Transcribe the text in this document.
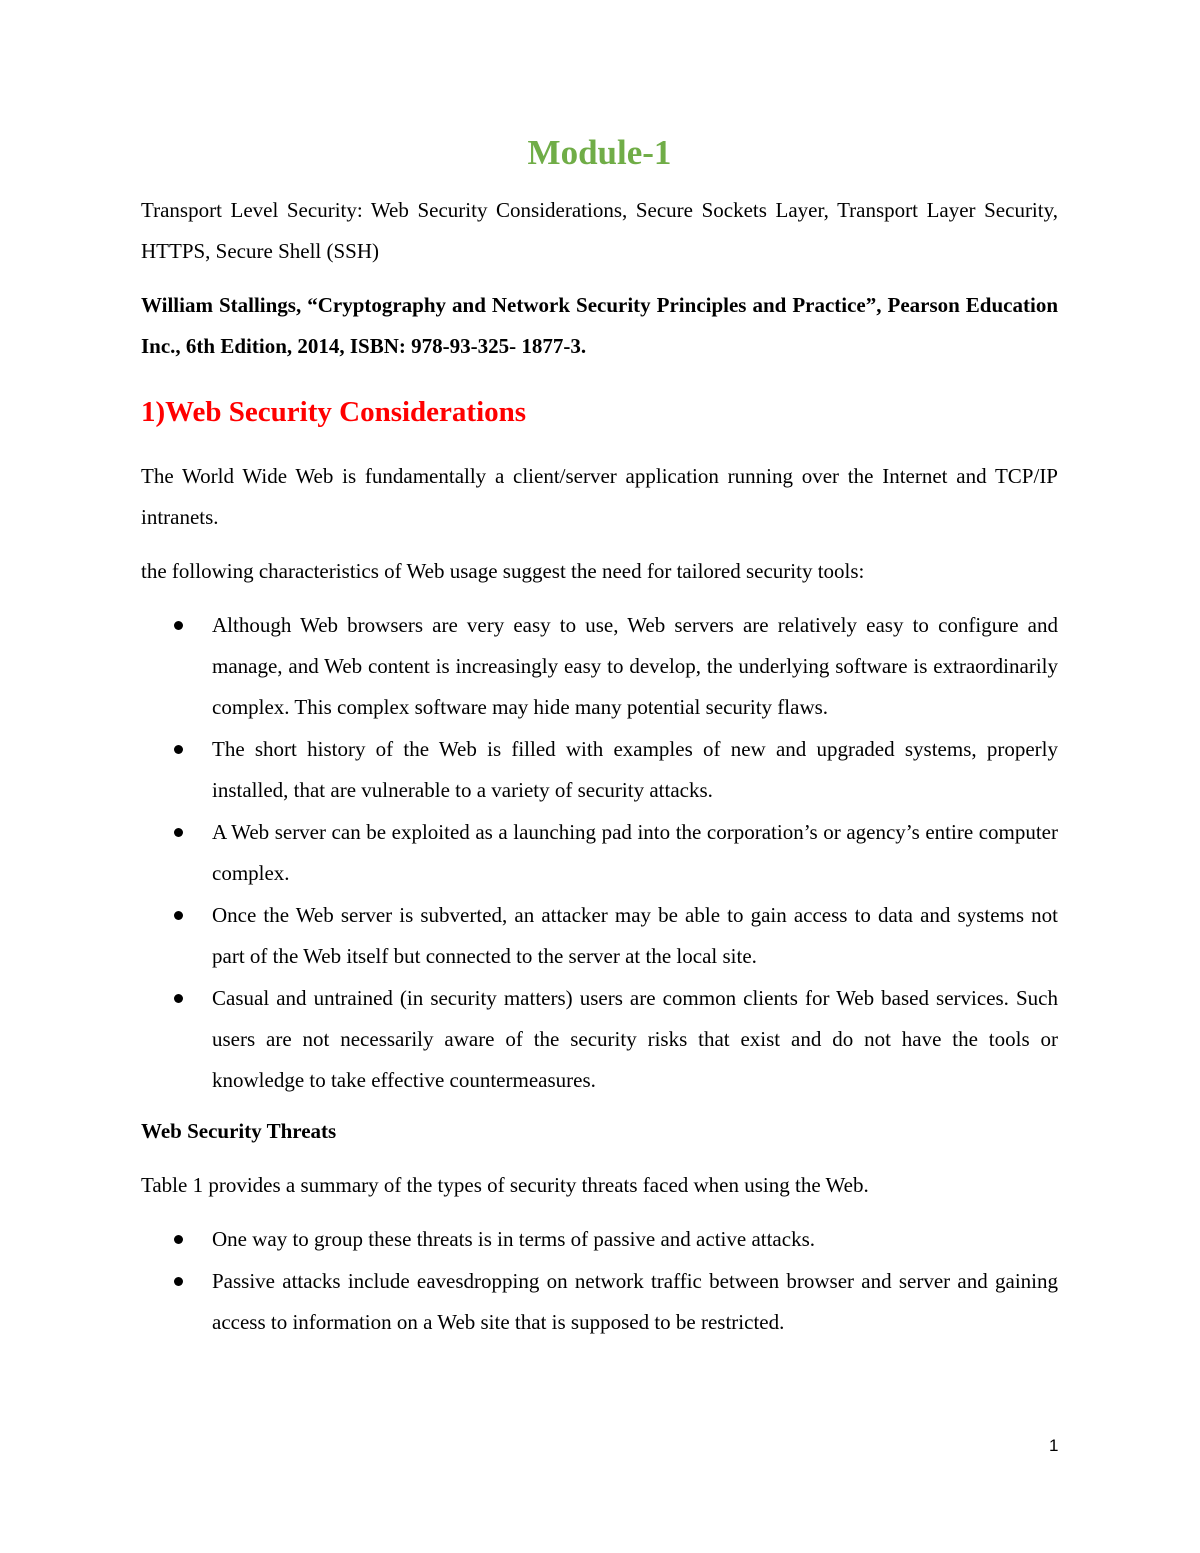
Module-1

Transport Level Security: Web Security Considerations, Secure Sockets Layer, Transport Layer Security, HTTPS, Secure Shell (SSH)

William Stallings, “Cryptography and Network Security Principles and Practice”, Pearson Education Inc., 6th Edition, 2014, ISBN: 978-93-325- 1877-3.

1)Web Security Considerations

The World Wide Web is fundamentally a client/server application running over the Internet and TCP/IP intranets.

the following characteristics of Web usage suggest the need for tailored security tools:

Although Web browsers are very easy to use, Web servers are relatively easy to configure and manage, and Web content is increasingly easy to develop, the underlying software is extraordinarily complex. This complex software may hide many potential security flaws.
The short history of the Web is filled with examples of new and upgraded systems, properly installed, that are vulnerable to a variety of security attacks.
A Web server can be exploited as a launching pad into the corporation’s or agency’s entire computer complex.
Once the Web server is subverted, an attacker may be able to gain access to data and systems not part of the Web itself but connected to the server at the local site.
Casual and untrained (in security matters) users are common clients for Web based services. Such users are not necessarily aware of the security risks that exist and do not have the tools or knowledge to take effective countermeasures.
Web Security Threats

Table 1 provides a summary of the types of security threats faced when using the Web.

One way to group these threats is in terms of passive and active attacks.
Passive attacks include eavesdropping on network traffic between browser and server and gaining access to information on a Web site that is supposed to be restricted.
1
